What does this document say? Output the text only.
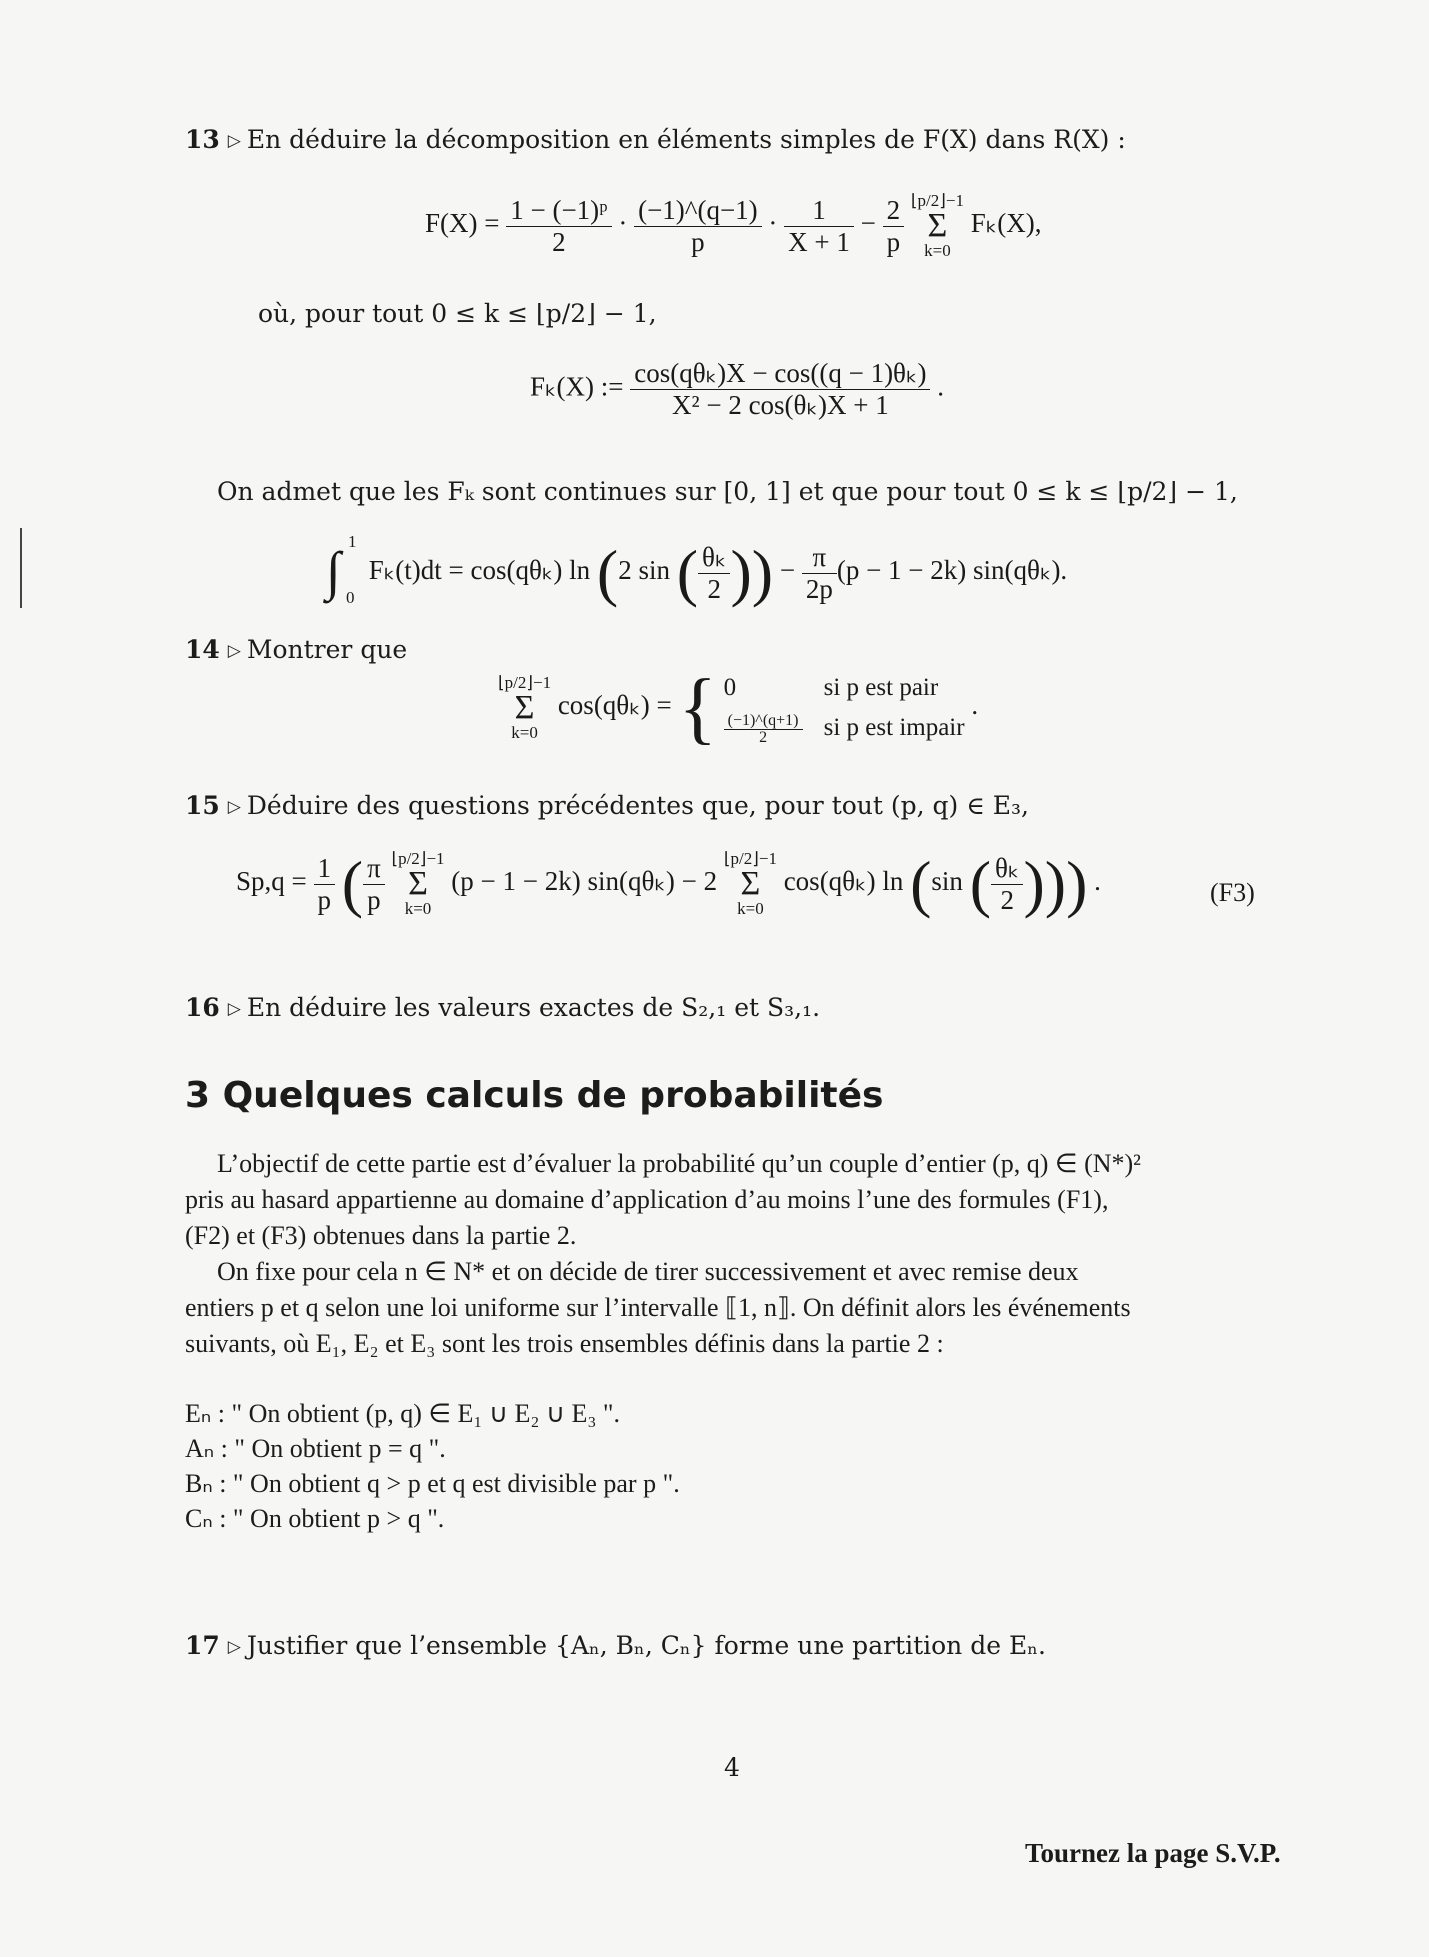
13 ▷ En déduire la décomposition en éléments simples de F(X) dans R(X) :
$F(X) = \frac{\text{1 − (−1)ᵖ}}{2} \cdot \frac{(-1)\^{}(q-1)}{p} \cdot \frac{1}{X + 1} - \frac{2}{p}$ ⌊p/2⌋−1
Σ
k=0 Fₖ(X),
où, pour tout 0 ≤ k ≤ ⌊p/2⌋ − 1,
Fₖ(X) := $\frac{\text{cos(qθₖ)X − cos((q − 1)θₖ)}}{\text{X² − 2 cos(θₖ)X + 1}}$ .
On admet que les Fₖ sont continues sur [0, 1] et que pour tout 0 ≤ k ≤ ⌊p/2⌋ − 1,
∫ 1
0
Fₖ(t)dt = cos(qθₖ) ln (2 sin ( $\frac{\text{θₖ}}{2}$ )) − $\frac{\pi}{2p} (p - 1 - 2k)$ sin(qθₖ).
14 ▷ Montrer que
⌊p/2⌋−1
Σ
k=0 cos(qθₖ) = { 0	si p est pair
$\frac{(-1)\^{}(q+1)}{2}$ si p est impair
.
15 ▷ Déduire des questions précédentes que, pour tout (p, q) ∈ E₃,
$Sp,q = \frac{1}{p}$ ( $\frac{\pi}{p}$ ⌊p/2⌋−1
Σ
k=0 (p − 1 − 2k) sin(qθₖ) − 2 ⌊p/2⌋−1
Σ
k=0 cos(qθₖ) ln (sin ( $\frac{\text{θₖ}}{2}$ ))) .	(F3)
16 ▷ En déduire les valeurs exactes de S₂,₁ et S₃,₁.
3 Quelques calculs de probabilités
L’objectif de cette partie est d’évaluer la probabilité qu’un couple d’entier (p, q) ∈ (N*)²
pris au hasard appartienne au domaine d’application d’au moins l’une des formules (F1),
(F2) et (F3) obtenues dans la partie 2.
On fixe pour cela n ∈ N* et on décide de tirer successivement et avec remise deux
entiers p et q selon une loi uniforme sur l’intervalle ⟦1, n⟧. On définit alors les événements
suivants, où E₁, E₂ et E₃ sont les trois ensembles définis dans la partie 2 :
Eₙ : " On obtient (p, q) ∈ E₁ ∪ E₂ ∪ E₃ ".
Aₙ : " On obtient p = q ".
Bₙ : " On obtient q > p et q est divisible par p ".
Cₙ : " On obtient p > q ".
17 ▷ Justifier que l’ensemble {Aₙ, Bₙ, Cₙ} forme une partition de Eₙ.
4
Tournez la page S.V.P.
